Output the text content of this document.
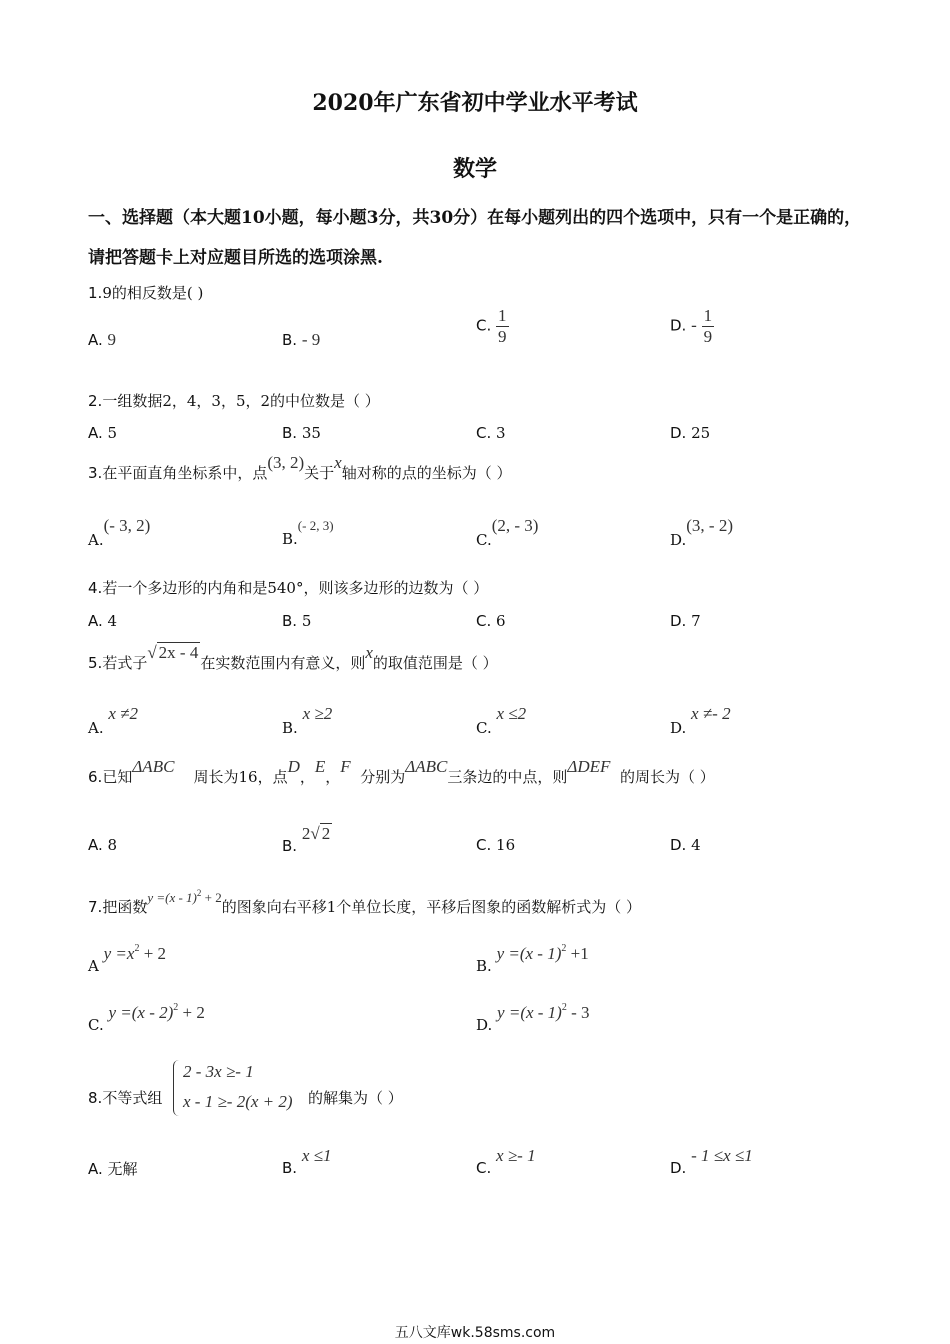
2020年广东省初中学业水平考试
数学
一、选择题（本大题10小题，每小题3分，共30分）在每小题列出的四个选项中，只有一个是正确的，请把答题卡上对应题目所选的选项涂黑.
1.9的相反数是( )
A. 9	B. - 9
C. $\frac{1}{9}$	D. - $\frac{1}{9}$
2.一组数据2，4，3，5，2的中位数是（ ）
A. 5	B. 35	C. 3	D. 25
3.在平面直角坐标系中，点(3, 2)关于x轴对称的点的坐标为（ ）
A.(- 3, 2)
B.(- 2, 3)
C.(2, - 3)
D.(3, - 2)
4.若一个多边形的内角和是540°，则该多边形的边数为（ ）
A. 4	B. 5	C. 6	D. 7
5.若式子√ 2x - 4在实数范围内有意义，则x的取值范围是（ ）
A. x ≠2
B. x ≥2
C. x ≤2
D. x ≠- 2
6.已知ΔABC    周长为16，点D，E，F  分别为ΔABC三条边的中点，则ΔDEF  的周长为（ ）
A. 8	B. 2√ 2
C. 16	D. 4
7.把函数y =(x - 1)$^2$ + 2的图象向右平移1个单位长度，平移后图象的函数解析式为（ ）
A $y =x^2 + 2$
B. y =(x - 1)$^2$ +1
C. y =(x - 2)$^2$ + 2
D. y =(x - 1)$^2$ - 3
8.不等式组
2 - 3x ≥- 1
x - 1 ≥- 2(x + 2) 的解集为（ ）
A. 无解	B. x ≤1
C. x ≥- 1
D. - 1 ≤x ≤1
五八文库wk.58sms.com
